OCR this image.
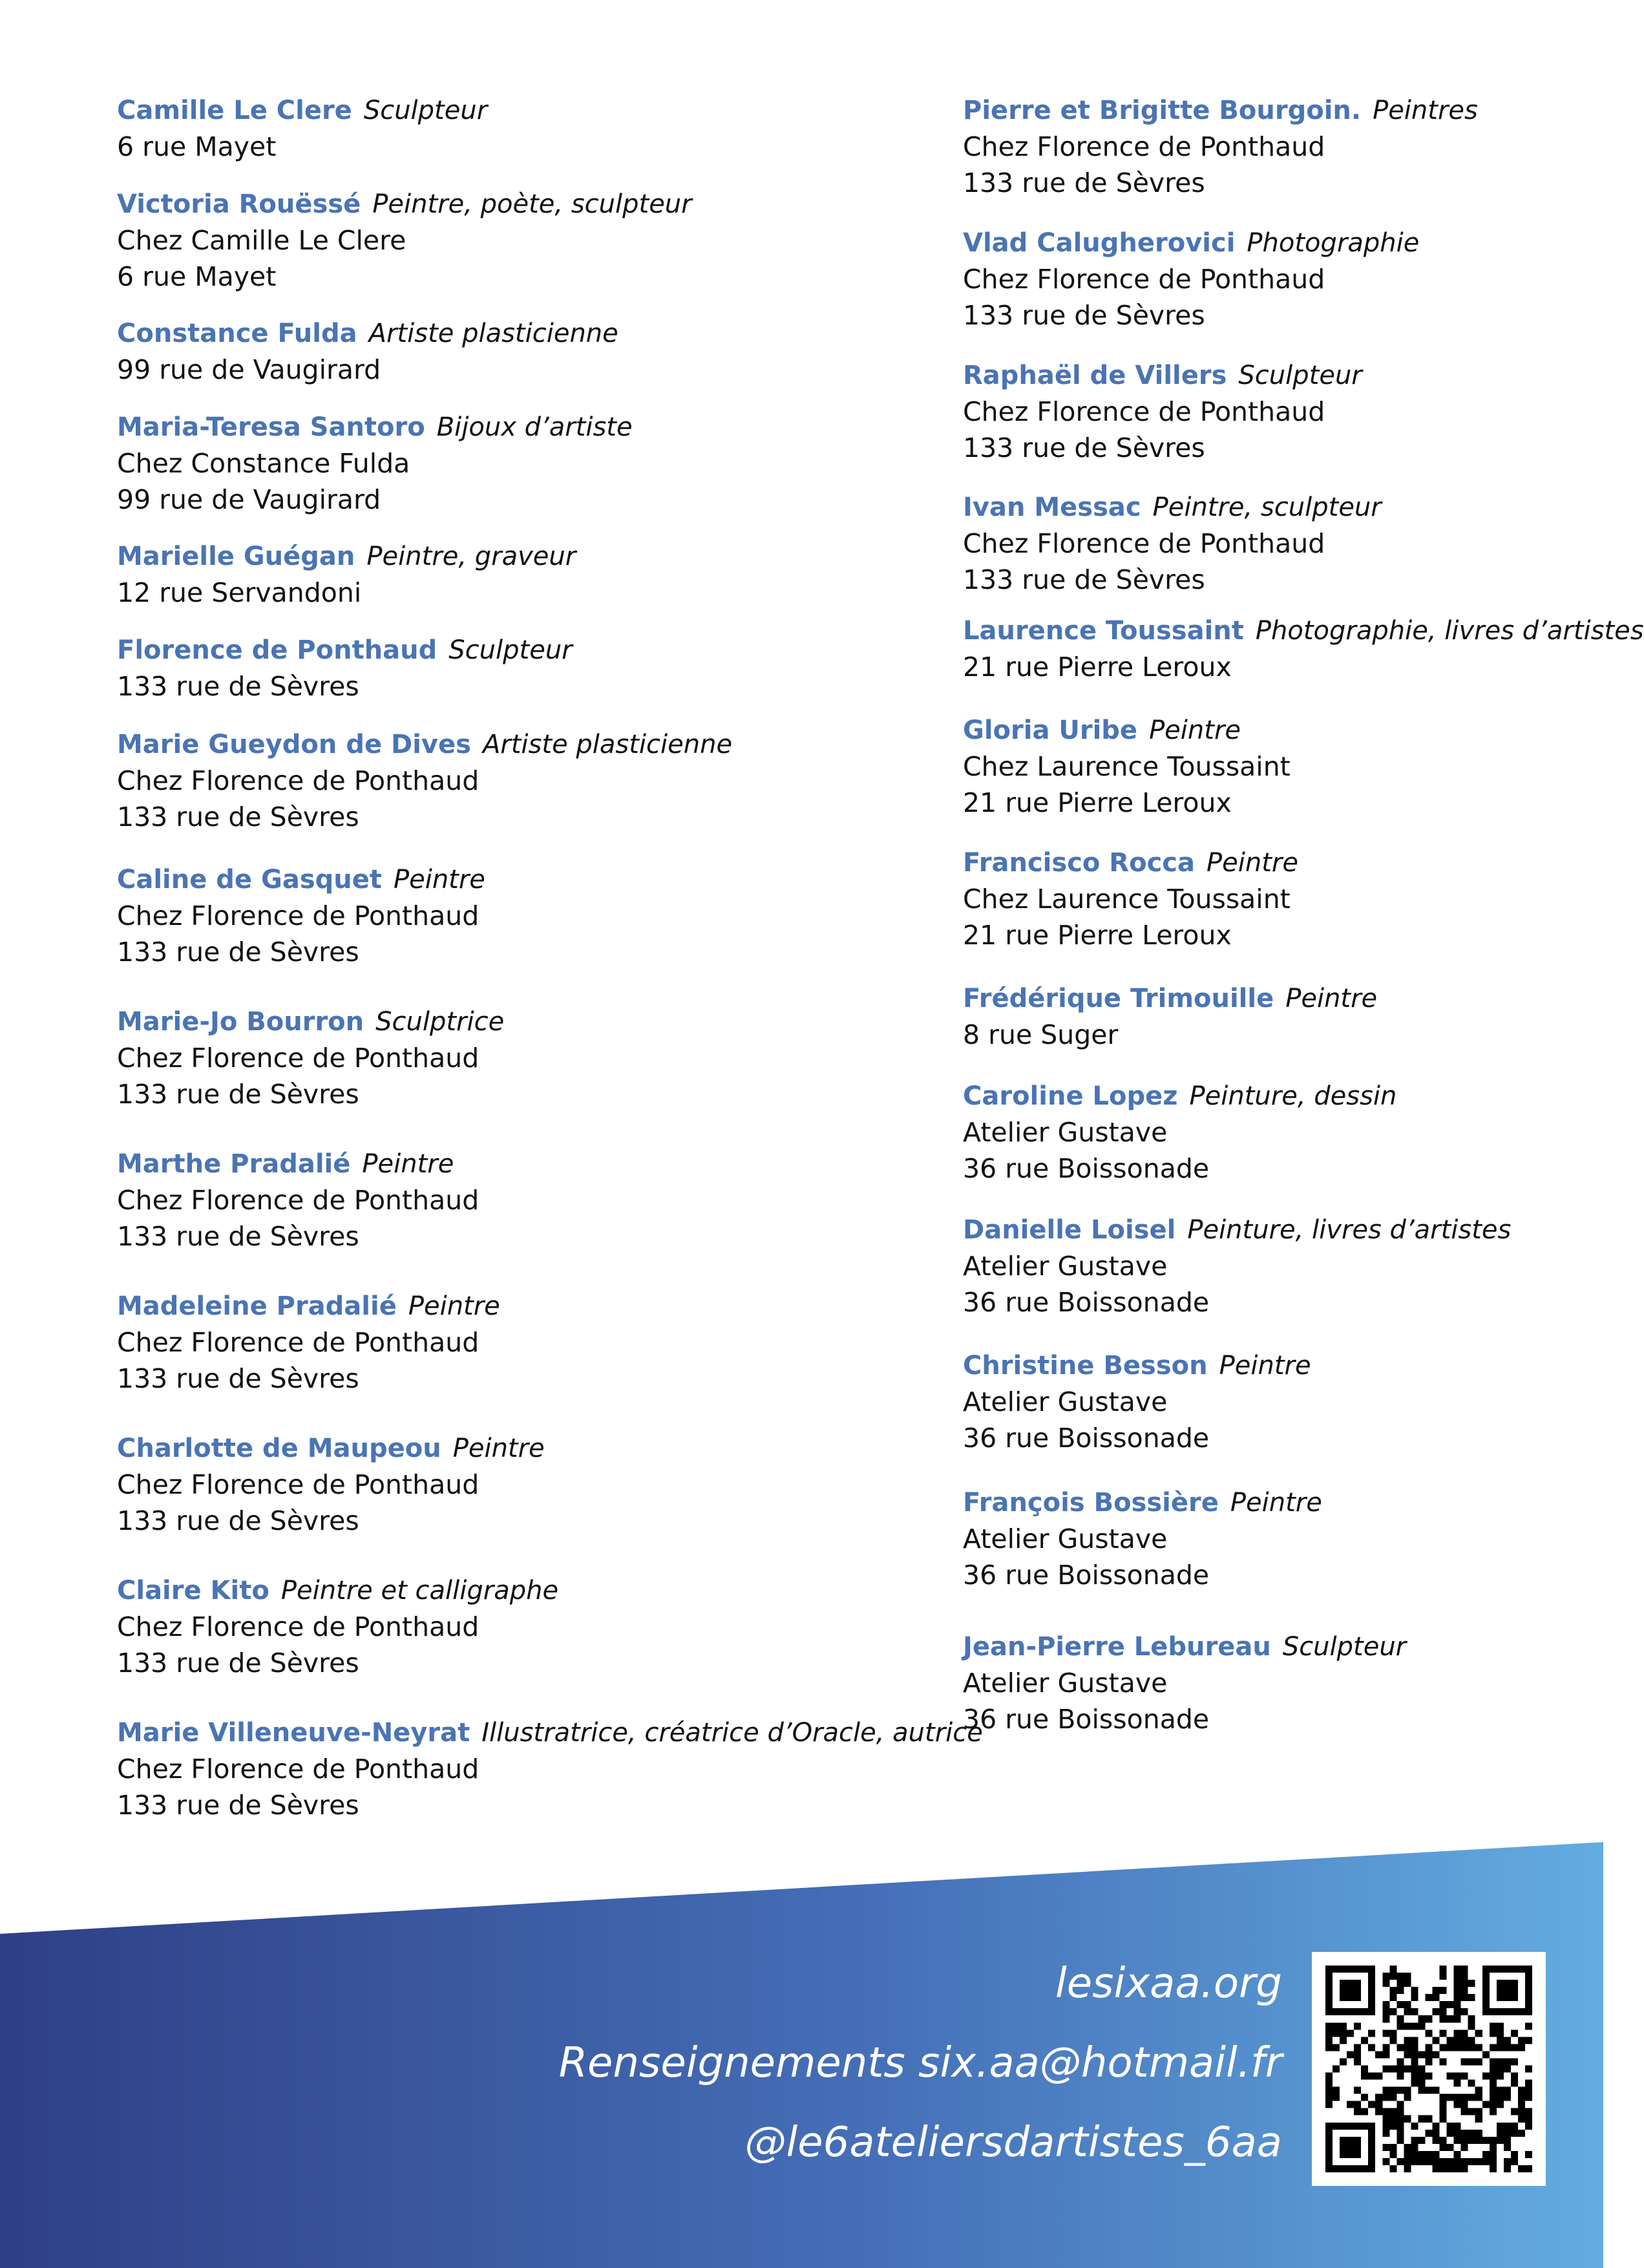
Camille Le Clere Sculpteur
6 rue Mayet
Victoria Rouëssé Peintre, poète, sculpteur
Chez Camille Le Clere
6 rue Mayet
Constance Fulda Artiste plasticienne
99 rue de Vaugirard
Maria-Teresa Santoro Bijoux d’artiste
Chez Constance Fulda
99 rue de Vaugirard
Marielle Guégan Peintre, graveur
12 rue Servandoni
Florence de Ponthaud Sculpteur
133 rue de Sèvres
Marie Gueydon de Dives Artiste plasticienne
Chez Florence de Ponthaud
133 rue de Sèvres
Caline de Gasquet Peintre
Chez Florence de Ponthaud
133 rue de Sèvres
Marie-Jo Bourron Sculptrice
Chez Florence de Ponthaud
133 rue de Sèvres
Marthe Pradalié Peintre
Chez Florence de Ponthaud
133 rue de Sèvres
Madeleine Pradalié Peintre
Chez Florence de Ponthaud
133 rue de Sèvres
Charlotte de Maupeou Peintre
Chez Florence de Ponthaud
133 rue de Sèvres
Claire Kito Peintre et calligraphe
Chez Florence de Ponthaud
133 rue de Sèvres
Marie Villeneuve-Neyrat Illustratrice, créatrice d’Oracle, autrice
Chez Florence de Ponthaud
133 rue de Sèvres
Pierre et Brigitte Bourgoin. Peintres
Chez Florence de Ponthaud
133 rue de Sèvres
Vlad Calugherovici Photographie
Chez Florence de Ponthaud
133 rue de Sèvres
Raphaël de Villers Sculpteur
Chez Florence de Ponthaud
133 rue de Sèvres
Ivan Messac Peintre, sculpteur
Chez Florence de Ponthaud
133 rue de Sèvres
Laurence Toussaint Photographie, livres d’artistes
21 rue Pierre Leroux
Gloria Uribe Peintre
Chez Laurence Toussaint
21 rue Pierre Leroux
Francisco Rocca Peintre
Chez Laurence Toussaint
21 rue Pierre Leroux
Frédérique Trimouille Peintre
8 rue Suger
Caroline Lopez Peinture, dessin
Atelier Gustave
36 rue Boissonade
Danielle Loisel Peinture, livres d’artistes
Atelier Gustave
36 rue Boissonade
Christine Besson Peintre
Atelier Gustave
36 rue Boissonade
François Bossière Peintre
Atelier Gustave
36 rue Boissonade
Jean-Pierre Lebureau Sculpteur
Atelier Gustave
36 rue Boissonade
lesixaa.org
Renseignements six.aa@hotmail.fr
@le6ateliersdartistes_6aa
